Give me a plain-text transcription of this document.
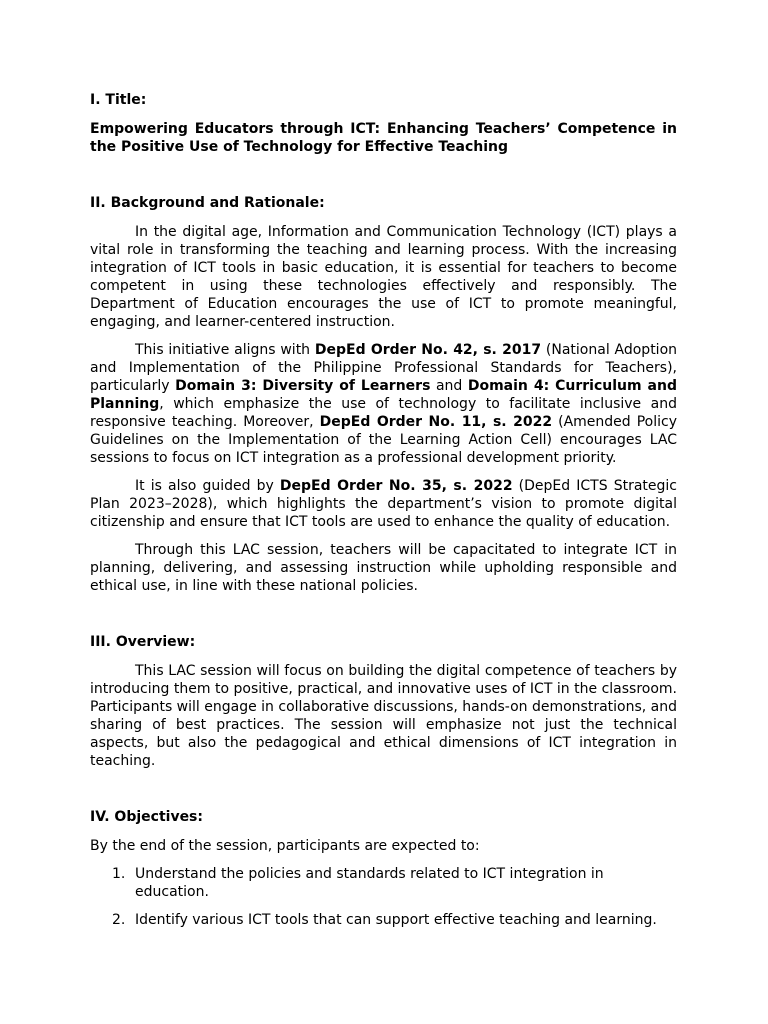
I. Title:

Empowering Educators through ICT: Enhancing Teachers’ Competence in the Positive Use of Technology for Effective Teaching

II. Background and Rationale:

In the digital age, Information and Communication Technology (ICT) plays a vital role in transforming the teaching and learning process. With the increasing integration of ICT tools in basic education, it is essential for teachers to become competent in using these technologies effectively and responsibly. The Department of Education encourages the use of ICT to promote meaningful, engaging, and learner-centered instruction.

This initiative aligns with DepEd Order No. 42, s. 2017 (National Adoption and Implementation of the Philippine Professional Standards for Teachers), particularly Domain 3: Diversity of Learners and Domain 4: Curriculum and Planning, which emphasize the use of technology to facilitate inclusive and responsive teaching. Moreover, DepEd Order No. 11, s. 2022 (Amended Policy Guidelines on the Implementation of the Learning Action Cell) encourages LAC sessions to focus on ICT integration as a professional development priority.

It is also guided by DepEd Order No. 35, s. 2022 (DepEd ICTS Strategic Plan 2023–2028), which highlights the department’s vision to promote digital citizenship and ensure that ICT tools are used to enhance the quality of education.

Through this LAC session, teachers will be capacitated to integrate ICT in planning, delivering, and assessing instruction while upholding responsible and ethical use, in line with these national policies.

III. Overview:

This LAC session will focus on building the digital competence of teachers by introducing them to positive, practical, and innovative uses of ICT in the classroom. Participants will engage in collaborative discussions, hands-on demonstrations, and sharing of best practices. The session will emphasize not just the technical aspects, but also the pedagogical and ethical dimensions of ICT integration in teaching.

IV. Objectives:

By the end of the session, participants are expected to:

1. Understand the policies and standards related to ICT integration in education.
2. Identify various ICT tools that can support effective teaching and learning.
